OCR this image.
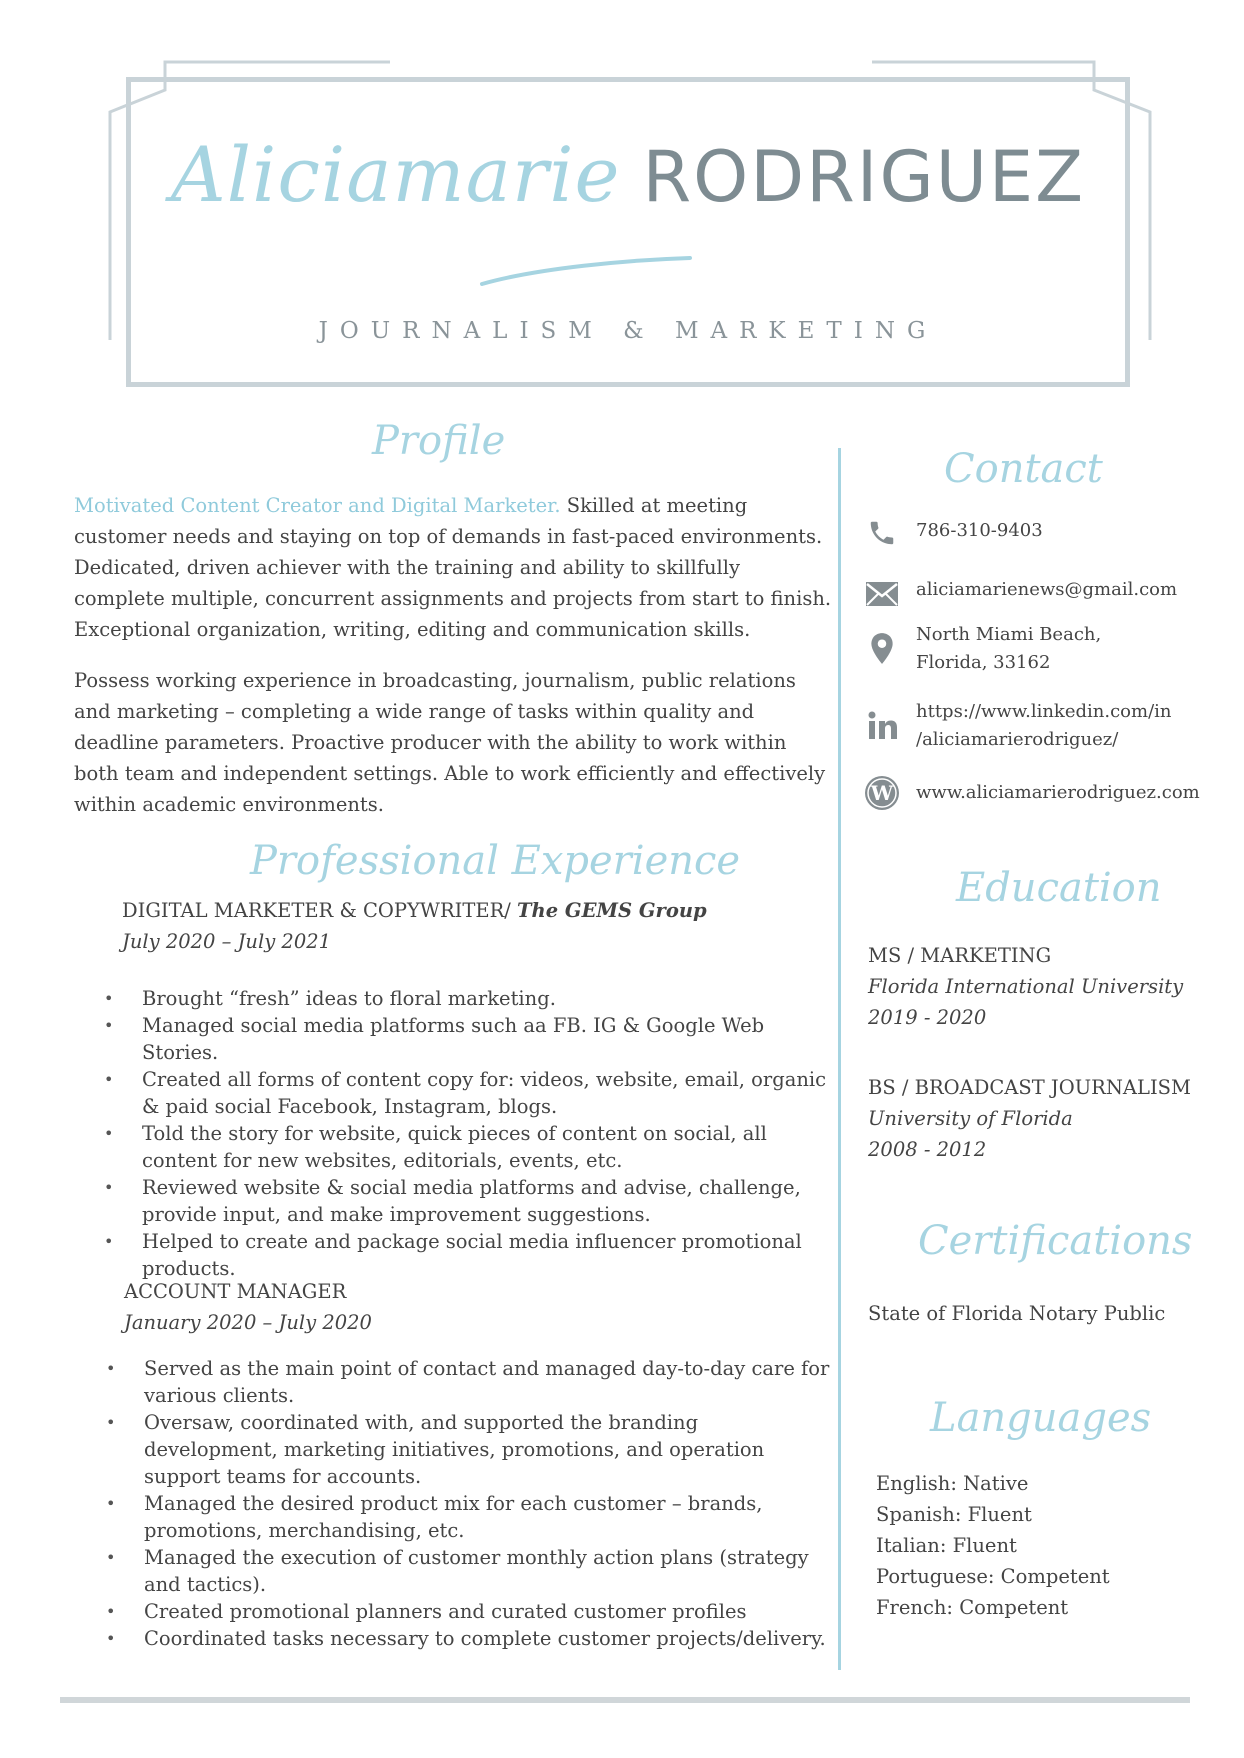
Aliciamarie RODRIGUEZ
JOURNALISM & MARKETING
Profile
Motivated Content Creator and Digital Marketer. Skilled at meeting customer needs and staying on top of demands in fast-paced environments. Dedicated, driven achiever with the training and ability to skillfully complete multiple, concurrent assignments and projects from start to finish. Exceptional organization, writing, editing and communication skills.
Possess working experience in broadcasting, journalism, public relations and marketing – completing a wide range of tasks within quality and deadline parameters. Proactive producer with the ability to work within both team and independent settings. Able to work efficiently and effectively within academic environments.
Professional Experience
DIGITAL MARKETER & COPYWRITER/ The GEMS Group
July 2020 – July 2021
• Brought “fresh” ideas to floral marketing.
• Managed social media platforms such aa FB. IG & Google Web Stories.
• Created all forms of content copy for: videos, website, email, organic & paid social Facebook, Instagram, blogs.
• Told the story for website, quick pieces of content on social, all content for new websites, editorials, events, etc.
• Reviewed website & social media platforms and advise, challenge, provide input, and make improvement suggestions.
• Helped to create and package social media influencer promotional products.
ACCOUNT MANAGER
January 2020 – July 2020
• Served as the main point of contact and managed day-to-day care for various clients.
• Oversaw, coordinated with, and supported the branding development, marketing initiatives, promotions, and operation support teams for accounts.
• Managed the desired product mix for each customer – brands, promotions, merchandising, etc.
• Managed the execution of customer monthly action plans (strategy and tactics).
• Created promotional planners and curated customer profiles
• Coordinated tasks necessary to complete customer projects/delivery.
Contact
786-310-9403
aliciamarienews@gmail.com
North Miami Beach,
Florida, 33162
https://www.linkedin.com/in
/aliciamarierodriguez/
W www.aliciamarierodriguez.com
Education
MS / MARKETING
Florida International University
2019 - 2020
BS / BROADCAST JOURNALISM
University of Florida
2008 - 2012
Certifications
State of Florida Notary Public
Languages
English: Native
Spanish: Fluent
Italian: Fluent
Portuguese: Competent
French: Competent
